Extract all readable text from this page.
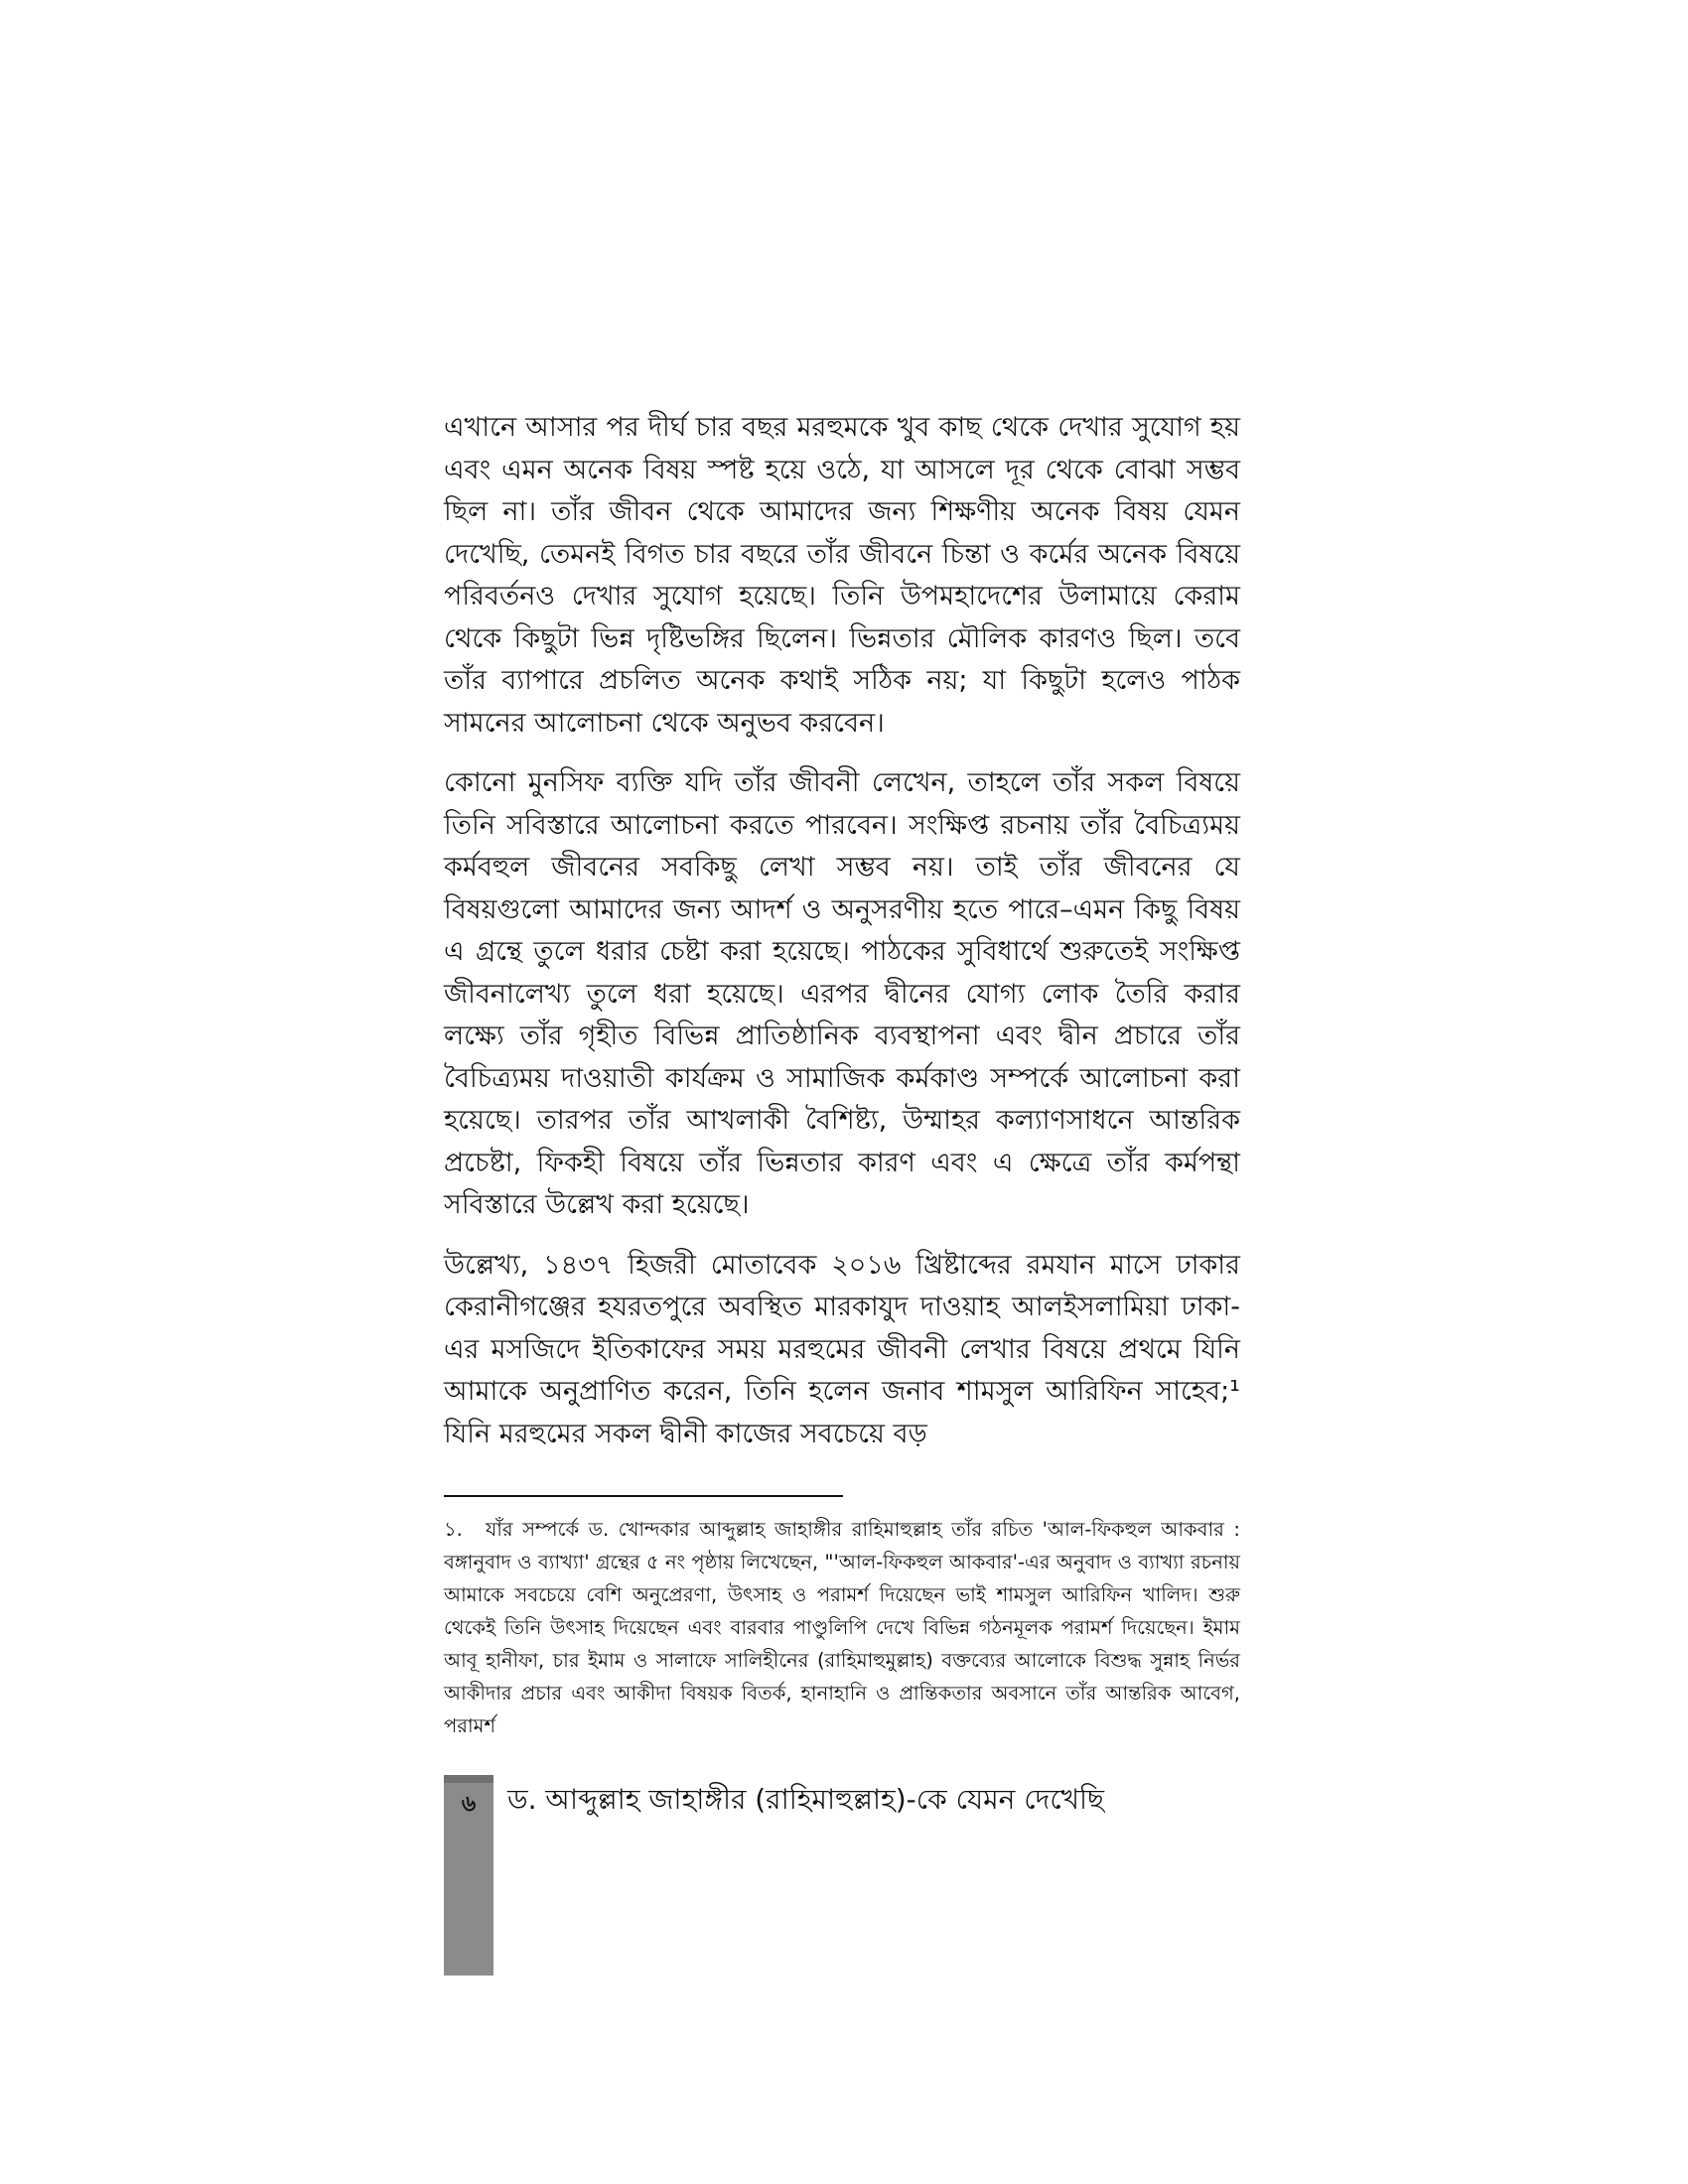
এখানে আসার পর দীর্ঘ চার বছর মরহুমকে খুব কাছ থেকে দেখার সুযোগ হয় এবং এমন অনেক বিষয় স্পষ্ট হয়ে ওঠে, যা আসলে দূর থেকে বোঝা সম্ভব ছিল না। তাঁর জীবন থেকে আমাদের জন্য শিক্ষণীয় অনেক বিষয় যেমন দেখেছি, তেমনই বিগত চার বছরে তাঁর জীবনে চিন্তা ও কর্মের অনেক বিষয়ে পরিবর্তনও দেখার সুযোগ হয়েছে। তিনি উপমহাদেশের উলামায়ে কেরাম থেকে কিছুটা ভিন্ন দৃষ্টিভঙ্গির ছিলেন। ভিন্নতার মৌলিক কারণও ছিল। তবে তাঁর ব্যাপারে প্রচলিত অনেক কথাই সঠিক নয়; যা কিছুটা হলেও পাঠক সামনের আলোচনা থেকে অনুভব করবেন।

কোনো মুনসিফ ব্যক্তি যদি তাঁর জীবনী লেখেন, তাহলে তাঁর সকল বিষয়ে তিনি সবিস্তারে আলোচনা করতে পারবেন। সংক্ষিপ্ত রচনায় তাঁর বৈচিত্র্যময় কর্মবহুল জীবনের সবকিছু লেখা সম্ভব নয়। তাই তাঁর জীবনের যে বিষয়গুলো আমাদের জন্য আদর্শ ও অনুসরণীয় হতে পারে–এমন কিছু বিষয় এ গ্রন্থে তুলে ধরার চেষ্টা করা হয়েছে। পাঠকের সুবিধার্থে শুরুতেই সংক্ষিপ্ত জীবনালেখ্য তুলে ধরা হয়েছে। এরপর দ্বীনের যোগ্য লোক তৈরি করার লক্ষ্যে তাঁর গৃহীত বিভিন্ন প্রাতিষ্ঠানিক ব্যবস্থাপনা এবং দ্বীন প্রচারে তাঁর বৈচিত্র্যময় দাওয়াতী কার্যক্রম ও সামাজিক কর্মকাণ্ড সম্পর্কে আলোচনা করা হয়েছে। তারপর তাঁর আখলাকী বৈশিষ্ট্য, উম্মাহর কল্যাণসাধনে আন্তরিক প্রচেষ্টা, ফিকহী বিষয়ে তাঁর ভিন্নতার কারণ এবং এ ক্ষেত্রে তাঁর কর্মপন্থা সবিস্তারে উল্লেখ করা হয়েছে।

উল্লেখ্য, ১৪৩৭ হিজরী মোতাবেক ২০১৬ খ্রিষ্টাব্দের রমযান মাসে ঢাকার কেরানীগঞ্জের হযরতপুরে অবস্থিত মারকাযুদ দাওয়াহ আলইসলামিয়া ঢাকা-এর মসজিদে ইতিকাফের সময় মরহুমের জীবনী লেখার বিষয়ে প্রথমে যিনি আমাকে অনুপ্রাণিত করেন, তিনি হলেন জনাব শামসুল আরিফিন সাহেব;¹ যিনি মরহুমের সকল দ্বীনী কাজের সবচেয়ে বড়

১. যাঁর সম্পর্কে ড. খোন্দকার আব্দুল্লাহ জাহাঙ্গীর রাহিমাহুল্লাহ তাঁর রচিত 'আল-ফিকহুল আকবার : বঙ্গানুবাদ ও ব্যাখ্যা' গ্রন্থের ৫ নং পৃষ্ঠায় লিখেছেন, "'আল-ফিকহুল আকবার'-এর অনুবাদ ও ব্যাখ্যা রচনায় আমাকে সবচেয়ে বেশি অনুপ্রেরণা, উৎসাহ ও পরামর্শ দিয়েছেন ভাই শামসুল আরিফিন খালিদ। শুরু থেকেই তিনি উৎসাহ দিয়েছেন এবং বারবার পাণ্ডুলিপি দেখে বিভিন্ন গঠনমূলক পরামর্শ দিয়েছেন। ইমাম আবূ হানীফা, চার ইমাম ও সালাফে সালিহীনের (রাহিমাহুমুল্লাহ) বক্তব্যের আলোকে বিশুদ্ধ সুন্নাহ নির্ভর আকীদার প্রচার এবং আকীদা বিষয়ক বিতর্ক, হানাহানি ও প্রান্তিকতার অবসানে তাঁর আন্তরিক আবেগ, পরামর্শ

৬	ড. আব্দুল্লাহ জাহাঙ্গীর (রাহিমাহুল্লাহ)-কে যেমন দেখেছি
